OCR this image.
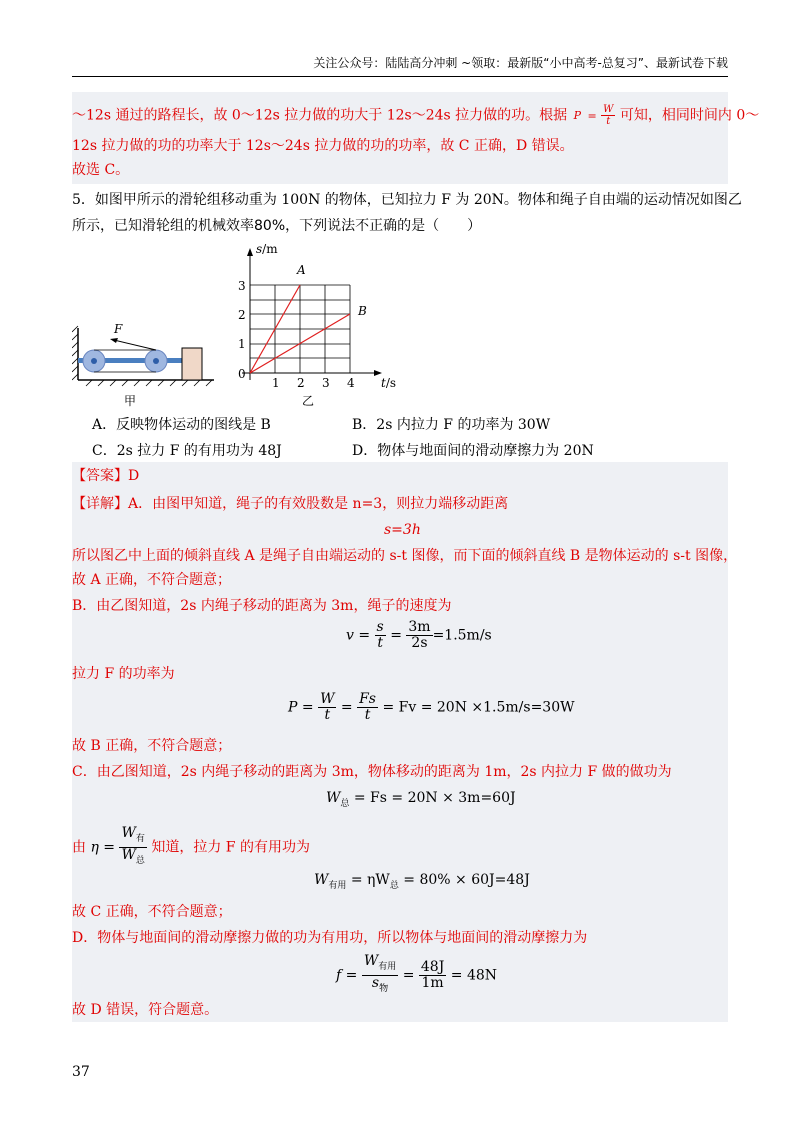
关注公众号：陆陆高分冲刺 ~领取：最新版“小中高考-总复习”、最新试卷下载
～12s 通过的路程长，故 0～12s 拉力做的功大于 12s～24s 拉力做的功。根据 $P = \frac{W}{t}$ 可知，相同时间内 0～
12s 拉力做的功的功率大于 12s～24s 拉力做的功的功率，故 C 正确，D 错误。
故选 C。
5．如图甲所示的滑轮组移动重为 100N 的物体，已知拉力 F 为 20N。物体和绳子自由端的运动情况如图乙
所示，已知滑轮组的机械效率80%，下列说法不正确的是（　　）
F
甲
s/m
t/s
A
B
0
1 2 3 4
1
2
3
乙
A．反映物体运动的图线是 B	B．2s 内拉力 F 的功率为 30W
C．2s 拉力 F 的有用功为 48J	D．物体与地面间的滑动摩擦力为 20N
【答案】D
【详解】A．由图甲知道，绳子的有效股数是 n=3，则拉力端移动距离
s=3h
所以图乙中上面的倾斜直线 A 是绳子自由端运动的 s-t 图像，而下面的倾斜直线 B 是物体运动的 s-t 图像，
故 A 正确，不符合题意；
B．由乙图知道，2s 内绳子移动的距离为 3m，绳子的速度为
$v = \frac{s}{t} = \frac{3m}{2s} =1.5m/s$
拉力 F 的功率为
$P = \frac{W}{t} = \frac{Fs}{t} = Fv = 20N \times 1.5m/s=30W$
故 B 正确，不符合题意；
C．由乙图知道，2s 内绳子移动的距离为 3m，物体移动的距离为 1m，2s 内拉力 F 做的做功为
$W_总 = Fs = 20N \times 3m=60J$
由 $\eta = \frac{W_有}{W_总}$ 知道，拉力 F 的有用功为
$W_{有用} = \eta W_总 = 80\% \times 60J=48J$
故 C 正确，不符合题意；
D．物体与地面间的滑动摩擦力做的功为有用功，所以物体与地面间的滑动摩擦力为
$f = \frac{W_{有用}}{s_物} = \frac{48J}{1m} = 48N$
故 D 错误，符合题意。
37
